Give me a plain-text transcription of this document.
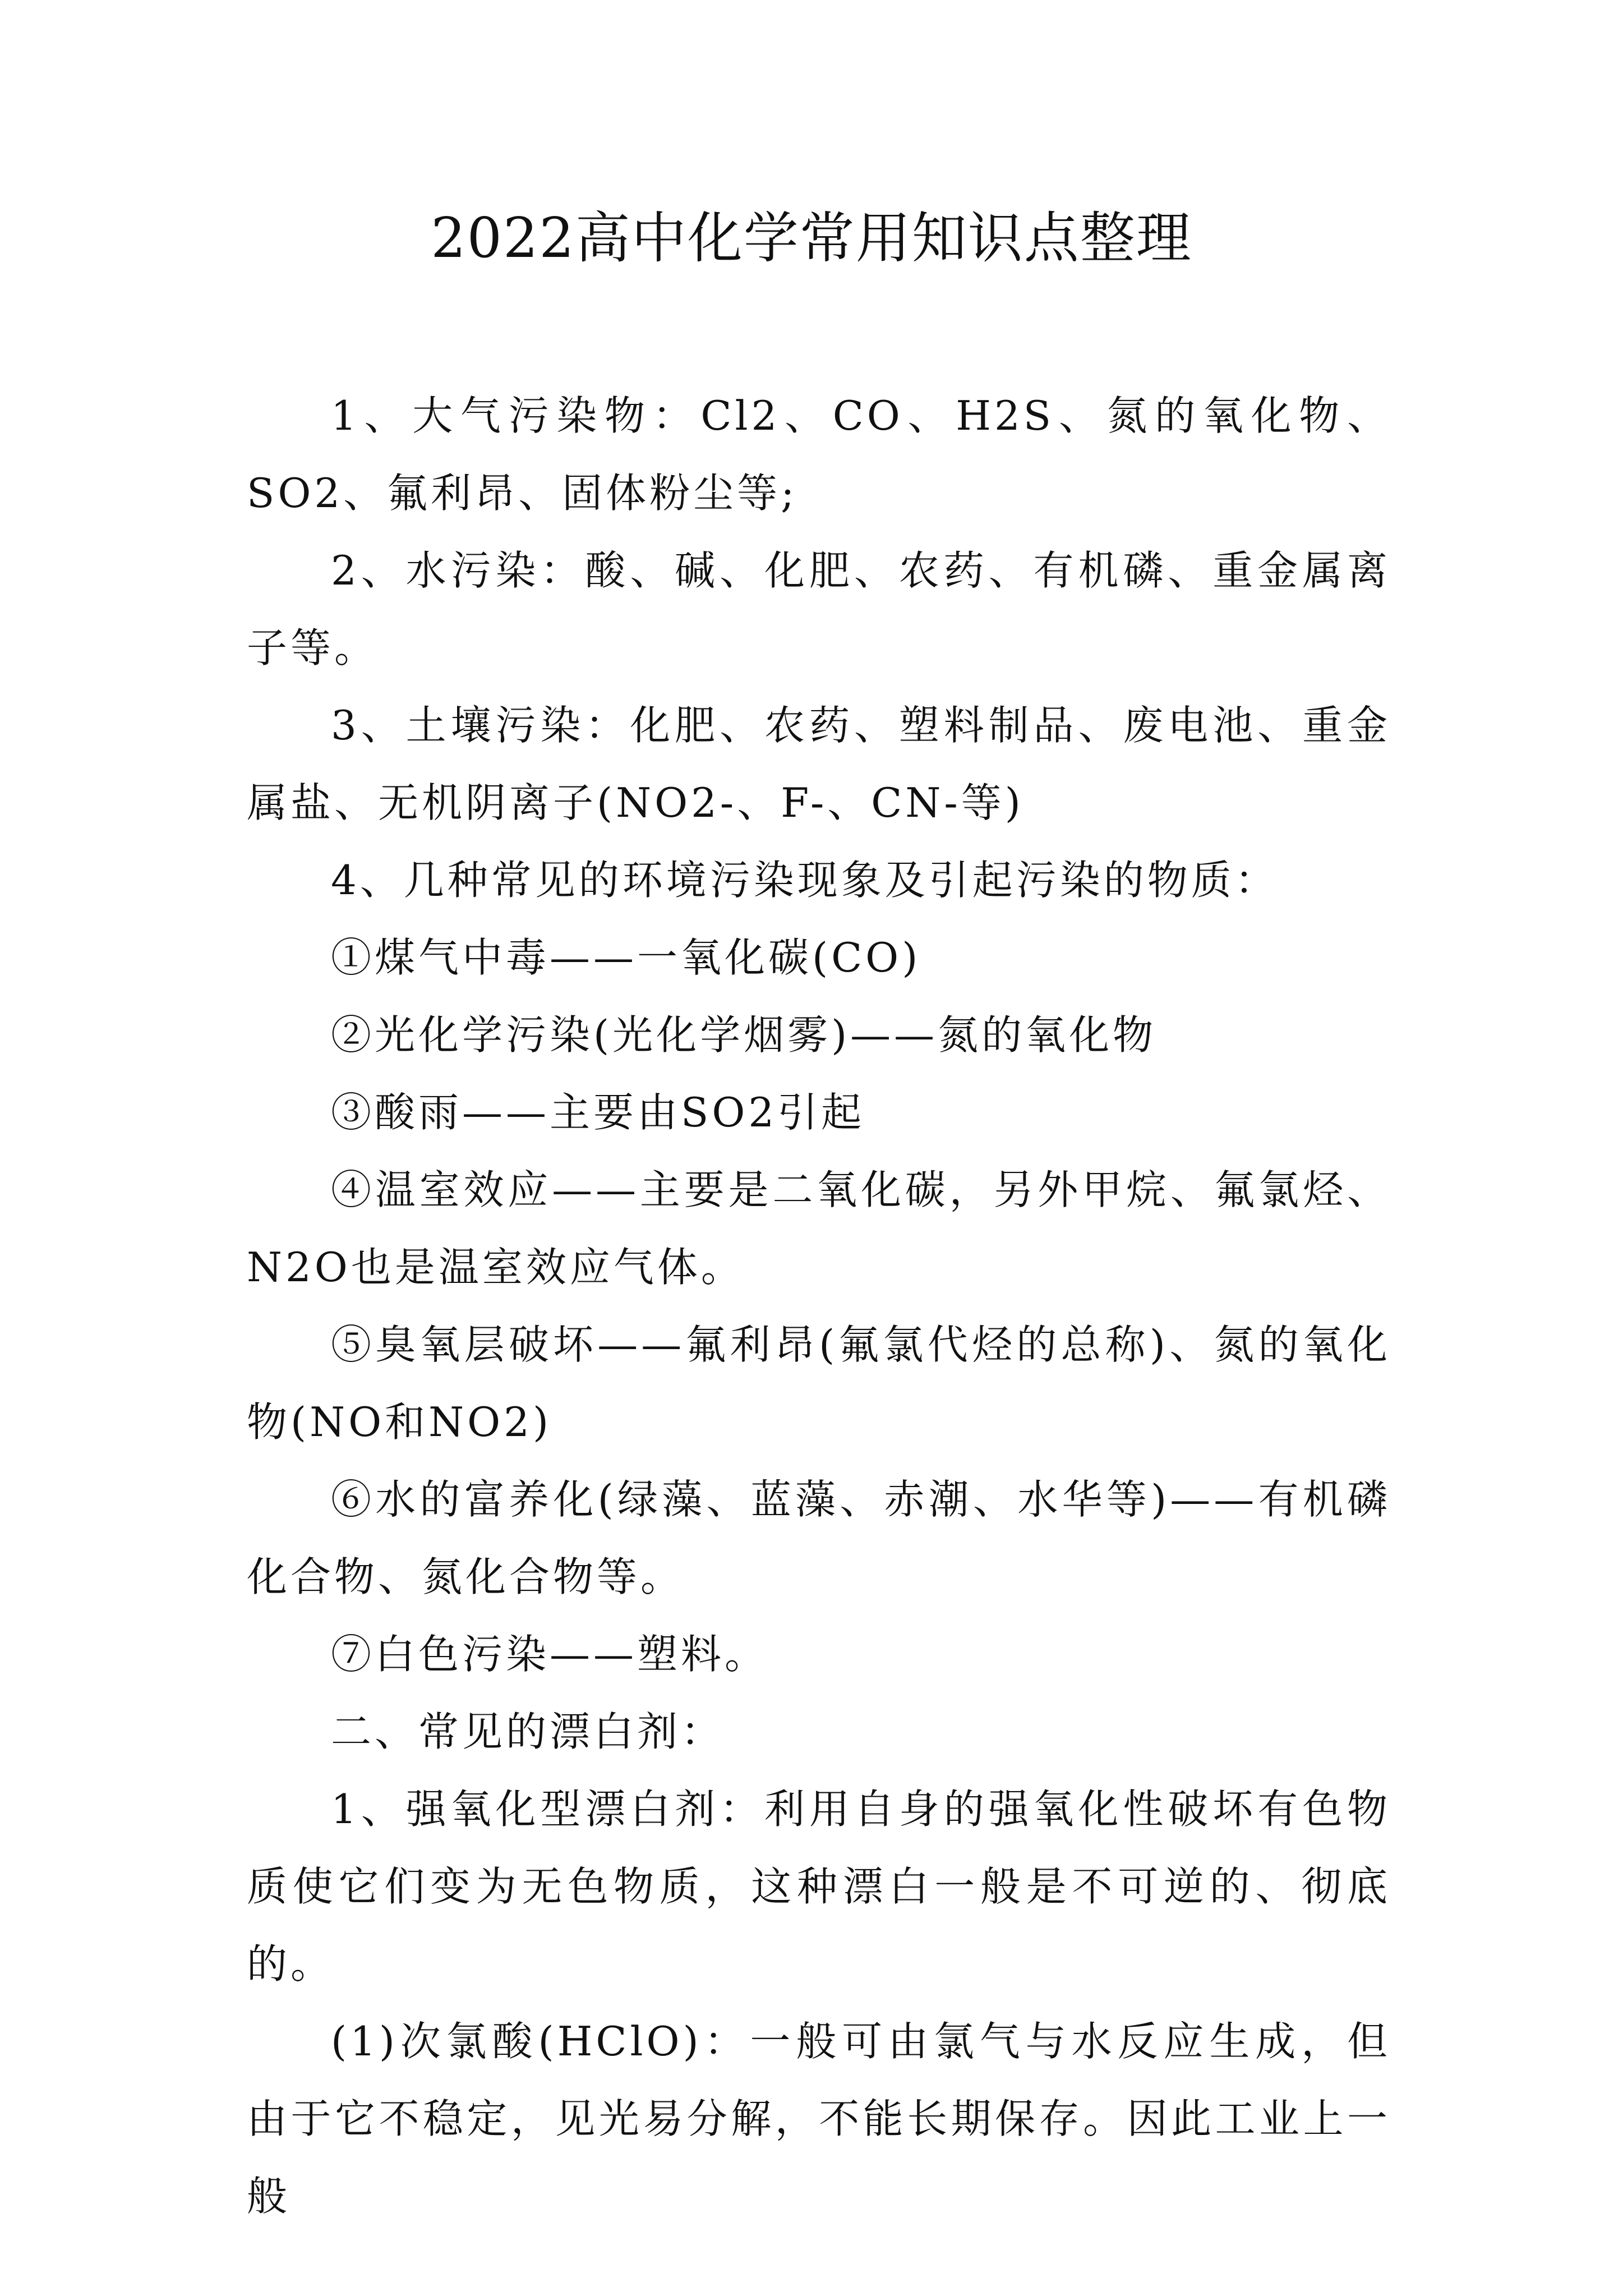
2022高中化学常用知识点整理

1、大气污染物：Cl2、CO、H2S、氮的氧化物、SO2、氟利昂、固体粉尘等;

2、水污染：酸、碱、化肥、农药、有机磷、重金属离子等。

3、土壤污染：化肥、农药、塑料制品、废电池、重金属盐、无机阴离子(NO2-、F-、CN-等)

4、几种常见的环境污染现象及引起污染的物质：

①煤气中毒——一氧化碳(CO)

②光化学污染(光化学烟雾)——氮的氧化物

③酸雨——主要由SO2引起

④温室效应——主要是二氧化碳，另外甲烷、氟氯烃、N2O也是温室效应气体。

⑤臭氧层破坏——氟利昂(氟氯代烃的总称)、氮的氧化物(NO和NO2)

⑥水的富养化(绿藻、蓝藻、赤潮、水华等)——有机磷化合物、氮化合物等。

⑦白色污染——塑料。

二、常见的漂白剂：

1、强氧化型漂白剂：利用自身的强氧化性破坏有色物质使它们变为无色物质，这种漂白一般是不可逆的、彻底的。

(1)次氯酸(HClO)：一般可由氯气与水反应生成，但由于它不稳定，见光易分解，不能长期保存。因此工业上一般
